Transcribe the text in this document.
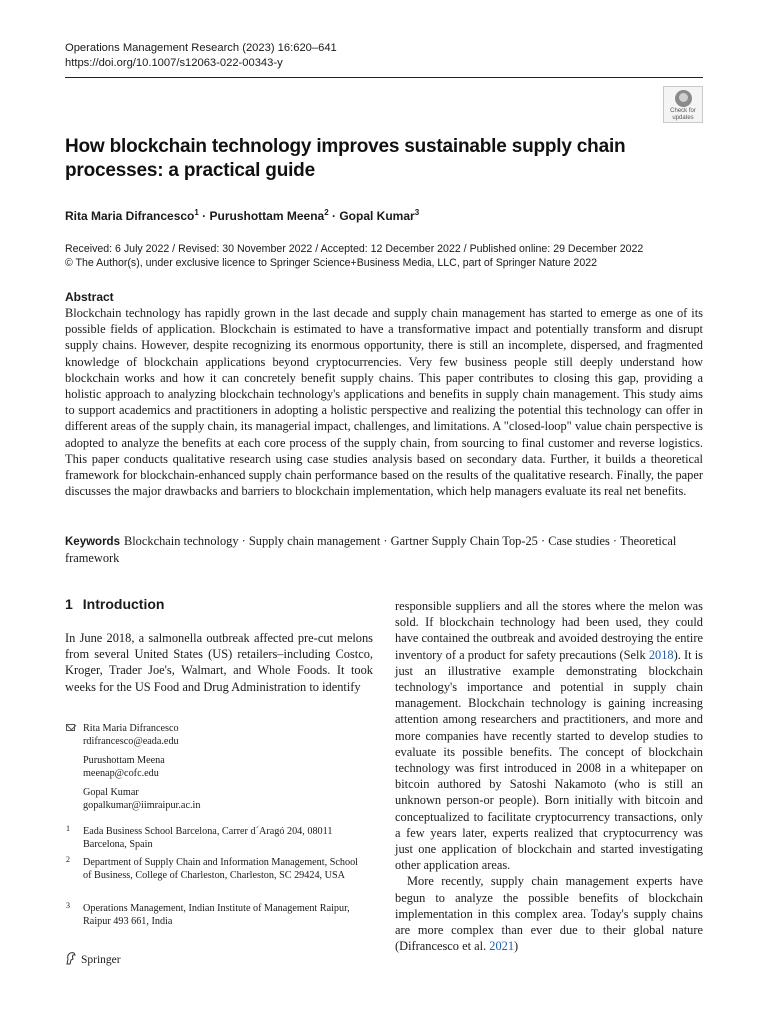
Operations Management Research (2023) 16:620–641
https://doi.org/10.1007/s12063-022-00343-y
Check for
updates
How blockchain technology improves sustainable supply chain processes: a practical guide
Rita Maria Difrancesco$^1$ · Purushottam Meena$^2$ · Gopal Kumar$^3$
Received: 6 July 2022 / Revised: 30 November 2022 / Accepted: 12 December 2022 / Published online: 29 December 2022
© The Author(s), under exclusive licence to Springer Science+Business Media, LLC, part of Springer Nature 2022
Abstract
Blockchain technology has rapidly grown in the last decade and supply chain management has started to emerge as one of its possible fields of application. Blockchain is estimated to have a transformative impact and potentially transform and disrupt supply chains. However, despite recognizing its enormous opportunity, there is still an incomplete, dispersed, and fragmented knowledge of blockchain applications beyond cryptocurrencies. Very few business people still deeply understand how blockchain works and how it can concretely benefit supply chains. This paper contributes to closing this gap, providing a holistic approach to analyzing blockchain technology's applications and benefits in supply chain management. This study aims to support academics and practitioners in adopting a holistic perspective and realizing the potential this technology can offer in different areas of the supply chain, its managerial impact, challenges, and limitations. A "closed-loop" value chain perspective is adopted to analyze the benefits at each core process of the supply chain, from sourcing to final customer and reverse logistics. This paper conducts qualitative research using case studies analysis based on secondary data. Further, it builds a theoretical framework for blockchain-enhanced supply chain performance based on the results of the qualitative research. Finally, the paper discusses the major drawbacks and barriers to blockchain implementation, which help managers evaluate its real net benefits.
Keywords Blockchain technology · Supply chain management · Gartner Supply Chain Top-25 · Case studies · Theoretical framework
1 Introduction
In June 2018, a salmonella outbreak affected pre-cut melons from several United States (US) retailers–including Costco, Kroger, Trader Joe's, Walmart, and Whole Foods. It took weeks for the US Food and Drug Administration to identify
Rita Maria Difrancesco
rdifrancesco@eada.edu
Purushottam Meena
meenap@cofc.edu
Gopal Kumar
gopalkumar@iimraipur.ac.in
1 Eada Business School Barcelona, Carrer d´Aragó 204, 08011 Barcelona, Spain
2 Department of Supply Chain and Information Management, School of Business, College of Charleston, Charleston, SC 29424, USA
3 Operations Management, Indian Institute of Management Raipur, Raipur 493 661, India
Springer

responsible suppliers and all the stores where the melon was sold. If blockchain technology had been used, they could have contained the outbreak and avoided destroying the entire inventory of a product for safety precautions (Selk 2018). It is just an illustrative example demonstrating blockchain technology's importance and potential in supply chain management. Blockchain technology is gaining increasing attention among researchers and practitioners, and more and more companies have recently started to develop studies to evaluate its possible benefits. The concept of blockchain technology was first introduced in 2008 in a whitepaper on bitcoin authored by Satoshi Nakamoto (who is still an unknown person-or people). Born initially with bitcoin and conceptualized to facilitate cryptocurrency transactions, only a few years later, experts realized that cryptocurrency was just one application of blockchain and started investigating other application areas.

More recently, supply chain management experts have begun to analyze the possible benefits of blockchain implementation in this complex area. Today's supply chains are more complex than ever due to their global nature (Difrancesco et al. 2021)
